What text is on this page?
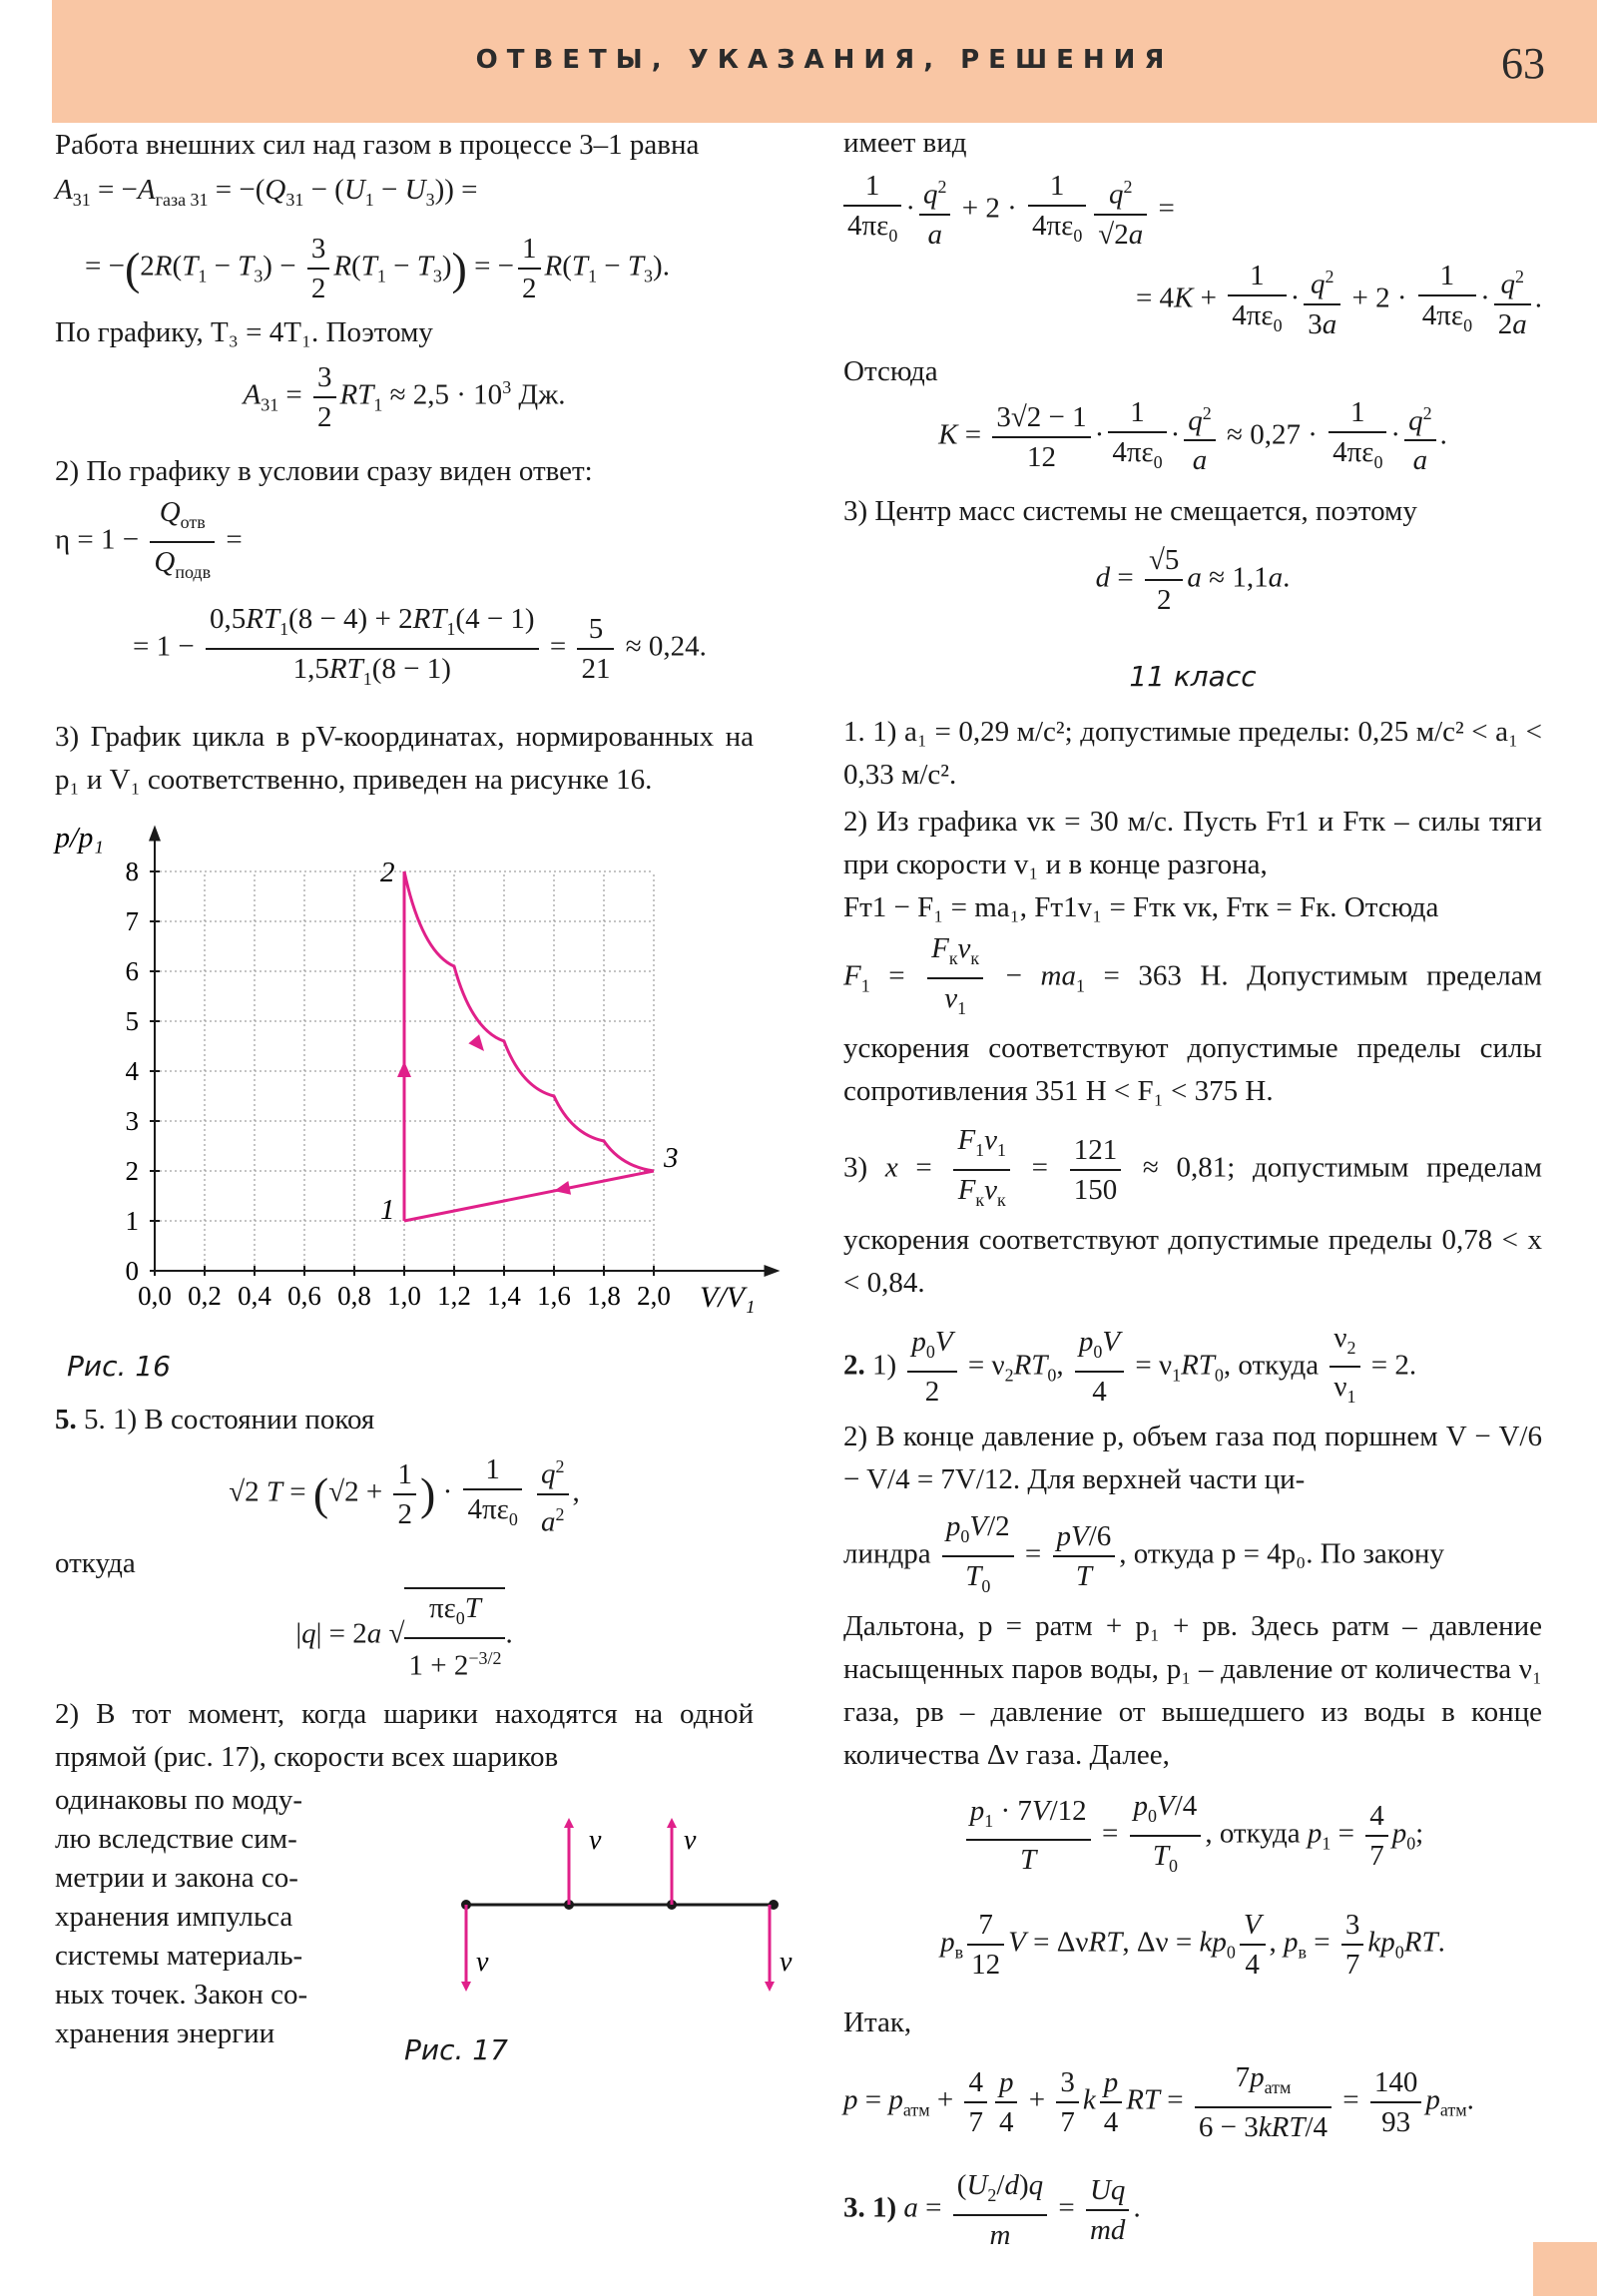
ОТВЕТЫ, УКАЗАНИЯ, РЕШЕНИЯ	63

Работа внешних сил над газом в процессе 3–1 равна

$A_{31} = -A_{газа 31} = -(Q_{31} - (U_1 - U_3))$ =
= $-(2R(T_1 - T_3) - \frac{3}{2} R(T_1 - T_3))$ = − $\frac{1}{2} R(T_1 - T_3)$.

По графику, T₃ = 4T₁. Поэтому

$A_{31} = \frac{3}{2} RT_1 \approx 2,5 \cdot 10^3$ Дж.

2) По графику в условии сразу виден ответ:

η = 1 −
$Q_{отв}$
$Q_{подв}$
=
= $1 - \frac{0,5RT_1(8 - 4) + 2RT_1(4 - 1)}{1,5RT_1(8 - 1)} = \frac{5}{21} \approx 0,24$.

3) График цикла в pV-координатах, нормированных на p₁ и V₁ соответственно, приведен на рисунке 16.

0,0 0,2 0,4 0,6 0,8 1,0 1,2 1,4 1,6 1,8 2,0
0
1
2
3
4
5
6
7
8
V/V₁
p/p₁
1
2
3
Рис. 16

5. 5. 1) В состоянии покоя

√2 $T = (√2 + \frac{1}{2}$ ) · $\frac{1}{4\pi\varepsilon_0}$
$\frac{q^2}{a^2}$ ,

откуда

|q| = 2a √ $\frac{\pi\varepsilon_0T}{1 + 2^{-3/2}}$ .

2) В тот момент, когда шарики находятся на одной прямой (рис. 17), скорости всех шариков

одинаковы по моду-
лю вследствие сим-
метрии и закона со-
хранения импульса
системы материаль-
ных точек. Закон со-
хранения энергии
v	v
v	v
Рис. 17

имеет вид

$\frac{1}{4\pi\varepsilon_0} \cdot \frac{q^2}{a} + 2 \cdot \frac{1}{4\pi\varepsilon_0} \frac{q^2}{√2a}$ =
= $4K + \frac{1}{4\pi\varepsilon_0} \cdot \frac{q^2}{3a} + 2 \cdot \frac{1}{4\pi\varepsilon_0} \cdot \frac{q^2}{2a}$ .

Отсюда

$K = \frac{3√2 - 1}{12} \cdot \frac{1}{4\pi\varepsilon_0} \cdot \frac{q^2}{a} \approx 0,27 \cdot \frac{1}{4\pi\varepsilon_0} \cdot \frac{q^2}{a}$ .

3) Центр масс системы не смещается, поэтому

$d = \frac{√5}{2}$ a ≈ 1,1a.
11 класс

1. 1) a₁ = 0,29 м/с²; допустимые пределы: 0,25 м/с² < a₁ < 0,33 м/с².

2) Из графика vк = 30 м/с. Пусть Fт1 и Fтк – силы тяги при скорости v₁ и в конце разгона,

Fт1 − F₁ = ma₁, Fт1v₁ = Fтк vк, Fтк = Fк. Отсюда

$F_1$ =
$F_кv_к$
$v_1$
− $ma_1 = 363$ Н. Допустимым пределам ускорения соответствуют допустимые пределы силы сопротивления 351 Н < F₁ < 375 Н.

3) x =
$F_1v_1$
$F_кv_к$
= $\frac{121}{150} \approx 0,81$; допустимым пределам ускорения соответствуют допустимые пределы 0,78 < x < 0,84.

2. $1) \frac{p_0V}{2} = \nu_2RT_0$, $\frac{p_0V}{4} = \nu_1RT_0$, откуда $\frac{\nu_2}{\nu_1} = 2$.

2) В конце давление p, объем газа под поршнем V − V/6 − V/4 = 7V/12. Для верхней части ци-

линдра $\frac{p_0V/2}{T_0} = \frac{pV/6}{T}$ , откуда p = 4p₀. По закону

Дальтона, p = pатм + p₁ + pв. Здесь pатм – давление насыщенных паров воды, p₁ – давление от количества ν₁ газа, pв – давление от вышедшего из воды в конце количества Δν газа. Далее,

$\frac{p_1 \cdot 7V/12}{T} = \frac{p_0V/4}{T_0}$ , откуда $p_1 = \frac{4}{7} p_0$;
$p_в \frac{7}{12}$ V = ΔνRT, $\Delta\nu = kp_0 \frac{V}{4}$ , $p_в = \frac{3}{7} kp_0RT$.

Итак,

$p = p_{атм} + \frac{4}{7} \frac{p}{4} + \frac{3}{7}$ k $\frac{p}{4}$ RT =
$7p_{атм}$
6 − 3kRT/4
= $\frac{140}{93} p_{атм}$.

3. 1) $a = \frac{(U_2/d)q}{m} = \frac{Uq}{md}$ .
